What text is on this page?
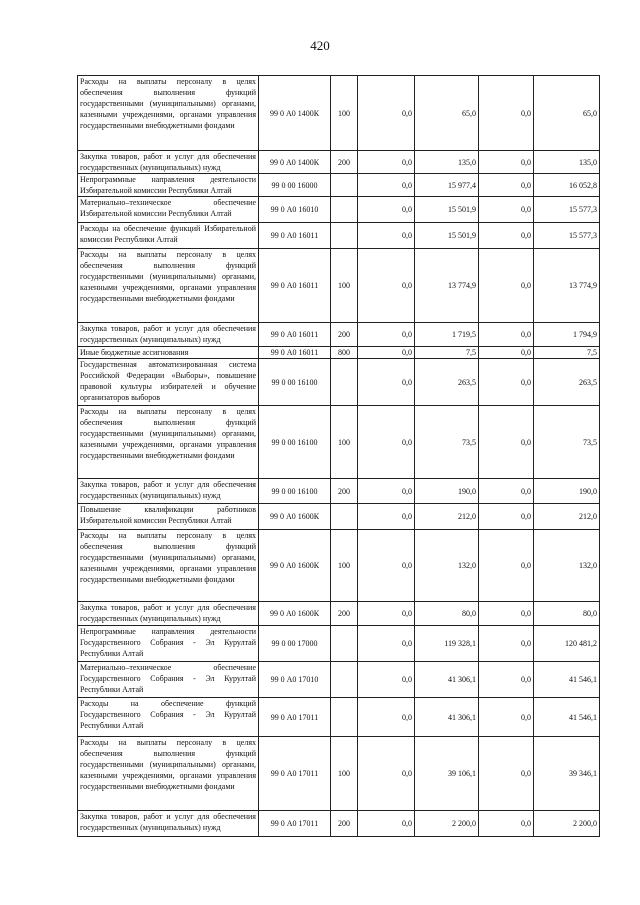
420
Расходы на выплаты персоналу в целях обеспечения выполнения функций государственными (муниципальными) органами, казенными учреждениями, органами управления государственными внебюджетными фондами	99 0 А0 1400К	100	0,0	65,0	0,0	65,0
Закупка товаров, работ и услуг для обеспечения государственных (муниципальных) нужд	99 0 А0 1400К	200	0,0	135,0	0,0	135,0
Непрограммные направления деятельности Избирательной комиссии Республики Алтай	99 0 00 16000		0,0	15 977,4	0,0	16 052,8
Материально–техническое обеспечение Избирательной комиссии Республики Алтай	99 0 А0 16010		0,0	15 501,9	0,0	15 577,3
Расходы на обеспечение функций Избирательной комиссии Республики Алтай	99 0 А0 16011		0,0	15 501,9	0,0	15 577,3
Расходы на выплаты персоналу в целях обеспечения выполнения функций государственными (муниципальными) органами, казенными учреждениями, органами управления государственными внебюджетными фондами	99 0 А0 16011	100	0,0	13 774,9	0,0	13 774,9
Закупка товаров, работ и услуг для обеспечения государственных (муниципальных) нужд	99 0 А0 16011	200	0,0	1 719,5	0,0	1 794,9
Иные бюджетные ассигнования	99 0 А0 16011	800	0,0	7,5	0,0	7,5
Государственная автоматизированная система Российской Федерации «Выборы», повышение правовой культуры избирателей и обучение организаторов выборов	99 0 00 16100		0,0	263,5	0,0	263,5
Расходы на выплаты персоналу в целях обеспечения выполнения функций государственными (муниципальными) органами, казенными учреждениями, органами управления государственными внебюджетными фондами	99 0 00 16100	100	0,0	73,5	0,0	73,5
Закупка товаров, работ и услуг для обеспечения государственных (муниципальных) нужд	99 0 00 16100	200	0,0	190,0	0,0	190,0
Повышение квалификации работников Избирательной комиссии Республики Алтай	99 0 А0 1600К		0,0	212,0	0,0	212,0
Расходы на выплаты персоналу в целях обеспечения выполнения функций государственными (муниципальными) органами, казенными учреждениями, органами управления государственными внебюджетными фондами	99 0 А0 1600К	100	0,0	132,0	0,0	132,0
Закупка товаров, работ и услуг для обеспечения государственных (муниципальных) нужд	99 0 А0 1600К	200	0,0	80,0	0,0	80,0
Непрограммные направления деятельности Государственного Собрания - Эл Курултай Республики Алтай	99 0 00 17000		0,0	119 328,1	0,0	120 481,2
Материально–техническое обеспечение Государственного Собрания - Эл Курултай Республики Алтай	99 0 А0 17010		0,0	41 306,1	0,0	41 546,1
Расходы на обеспечение функций Государственного Собрания - Эл Курултай Республики Алтай	99 0 А0 17011		0,0	41 306,1	0,0	41 546,1
Расходы на выплаты персоналу в целях обеспечения выполнения функций государственными (муниципальными) органами, казенными учреждениями, органами управления государственными внебюджетными фондами	99 0 А0 17011	100	0,0	39 106,1	0,0	39 346,1
Закупка товаров, работ и услуг для обеспечения государственных (муниципальных) нужд	99 0 А0 17011	200	0,0	2 200,0	0,0	2 200,0
